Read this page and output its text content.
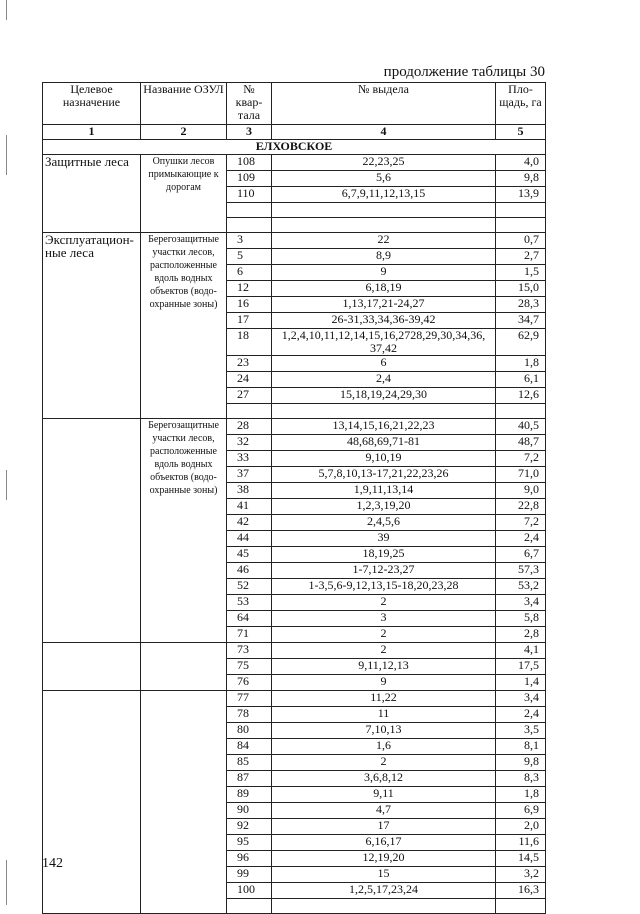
продолжение таблицы 30
Целевое назначение	Название ОЗУЛ	№ квар-тала	№ выдела	Пло-щадь, га
1	2	3	4	5
ЕЛХОВСКОЕ				
Защитные леса	Опушки лесов примыкающие к дорогам	108	22,23,25	4,0
		109	5,6	9,8
		110	6,7,9,11,12,13,15	13,9

Эксплуатацион-ные леса	Берегозащитные участки лесов, расположенные вдоль водных объектов (водо-охранные зоны)	3	22	0,7
		5	8,9	2,7
		6	9	1,5
		12	6,18,19	15,0
		16	1,13,17,21-24,27	28,3
		17	26-31,33,34,36-39,42	34,7
		18	1,2,4,10,11,12,14,15,16,2728,29,30,34,36, 37,42	62,9
		23	6	1,8
		24	2,4	6,1
		27	15,18,19,24,29,30	12,6

	Берегозащитные участки лесов, расположенные вдоль водных объектов (водо-охранные зоны)	28	13,14,15,16,21,22,23	40,5
		32	48,68,69,71-81	48,7
		33	9,10,19	7,2
		37	5,7,8,10,13-17,21,22,23,26	71,0
		38	1,9,11,13,14	9,0
		41	1,2,3,19,20	22,8
		42	2,4,5,6	7,2
		44	39	2,4
		45	18,19,25	6,7
		46	1-7,12-23,27	57,3
		52	1-3,5,6-9,12,13,15-18,20,23,28	53,2
		53	2	3,4
		64	3	5,8
		71	2	2,8
		73	2	4,1
		75	9,11,12,13	17,5
		76	9	1,4
		77	11,22	3,4
		78	11	2,4
		80	7,10,13	3,5
		84	1,6	8,1
		85	2	9,8
		87	3,6,8,12	8,3
		89	9,11	1,8
		90	4,7	6,9
		92	17	2,0
		95	6,16,17	11,6
		96	12,19,20	14,5
		99	15	3,2
		100	1,2,5,17,23,24	16,3

142
